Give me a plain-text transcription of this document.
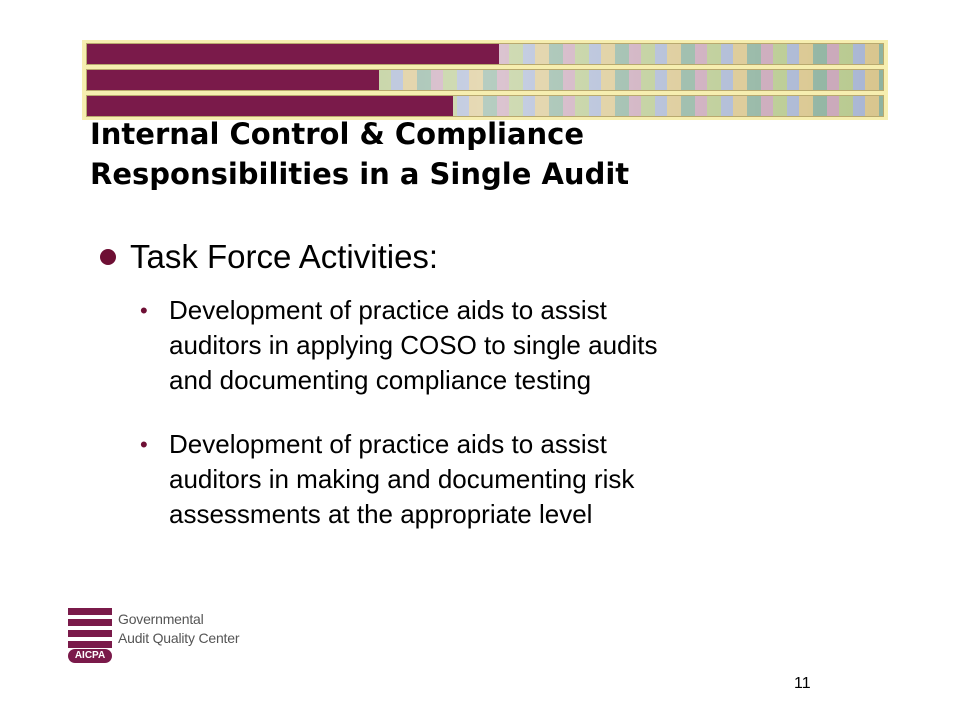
Internal Control & Compliance
Responsibilities in a Single Audit
Task Force Activities:
• Development of practice aids to assist
auditors in applying COSO to single audits
and documenting compliance testing
• Development of practice aids to assist
auditors in making and documenting risk
assessments at the appropriate level
AICPA
Governmental
Audit Quality Center
11
